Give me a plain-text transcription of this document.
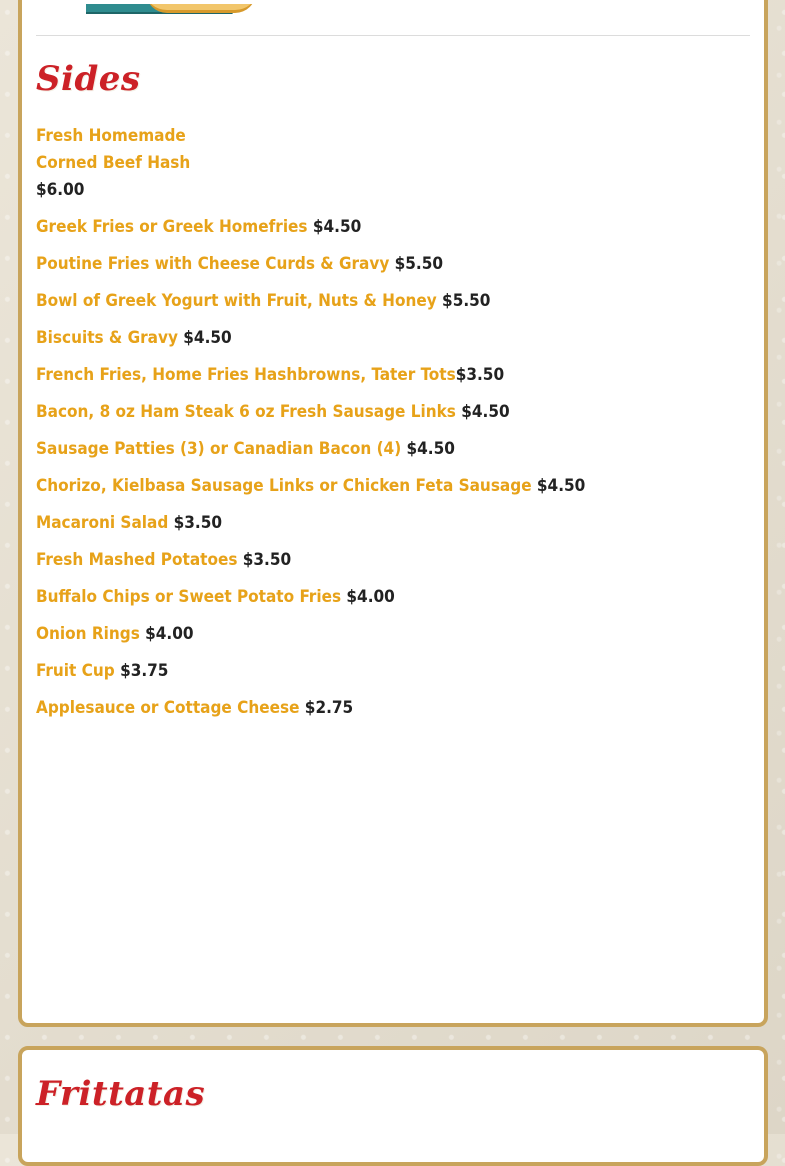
Sides
Fresh Homemade Corned Beef Hash $6.00
Greek Fries or Greek Homefries $4.50
Poutine Fries with Cheese Curds & Gravy $5.50
Bowl of Greek Yogurt with Fruit, Nuts & Honey $5.50
Biscuits & Gravy $4.50
French Fries, Home Fries Hashbrowns, Tater Tots$3.50
Bacon, 8 oz Ham Steak 6 oz Fresh Sausage Links $4.50
Sausage Patties (3) or Canadian Bacon (4) $4.50
Chorizo, Kielbasa Sausage Links or Chicken Feta Sausage $4.50
Macaroni Salad $3.50
Fresh Mashed Potatoes $3.50
Buffalo Chips or Sweet Potato Fries $4.00
Onion Rings $4.00
Fruit Cup $3.75
Applesauce or Cottage Cheese $2.75
Frittatas
